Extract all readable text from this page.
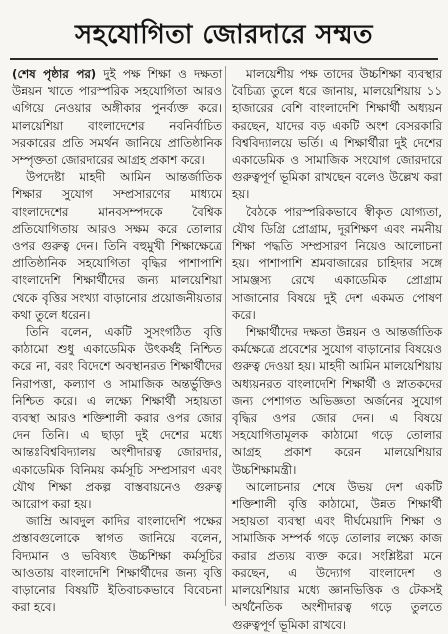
সহযোগিতা জোরদারে সম্মত

(শেষ পৃষ্ঠার পর) দুই পক্ষ শিক্ষা ও দক্ষতা উন্নয়ন খাতে পারস্পরিক সহযোগিতা আরও এগিয়ে নেওয়ার অঙ্গীকার পুনর্ব্যক্ত করে। মালয়েশিয়া বাংলাদেশের নবনির্বাচিত সরকারের প্রতি সমর্থন জানিয়ে প্রাতিষ্ঠানিক সম্পৃক্ততা জোরদারের আগ্রহ প্রকাশ করে।

উপদেষ্টা মাহদী আমিন আন্তর্জাতিক শিক্ষার সুযোগ সম্প্রসারণের মাধ্যমে বাংলাদেশের মানবসম্পদকে বৈশ্বিক প্রতিযোগিতায় আরও সক্ষম করে তোলার ওপর গুরুত্ব দেন। তিনি বহুমুখী শিক্ষাক্ষেত্রে প্রাতিষ্ঠানিক সহযোগিতা বৃদ্ধির পাশাপাশি বাংলাদেশি শিক্ষার্থীদের জন্য মালয়েশিয়া থেকে বৃত্তির সংখ্যা বাড়ানোর প্রয়োজনীয়তার কথা তুলে ধরেন।

তিনি বলেন, একটি সুসংগঠিত বৃত্তি কাঠামো শুধু একাডেমিক উৎকর্ষই নিশ্চিত করে না, বরং বিদেশে অবস্থানরত শিক্ষার্থীদের নিরাপত্তা, কল্যাণ ও সামাজিক অন্তর্ভুক্তিও নিশ্চিত করে। এ লক্ষ্যে শিক্ষার্থী সহায়তা ব্যবস্থা আরও শক্তিশালী করার ওপর জোর দেন তিনি। এ ছাড়া দুই দেশের মধ্যে আন্তঃবিশ্ববিদ্যালয় অংশীদারত্ব জোরদার, একাডেমিক বিনিময় কর্মসূচি সম্প্রসারণ এবং যৌথ শিক্ষা প্রকল্প বাস্তবায়নেও গুরুত্ব আরোপ করা হয়।

জাম্রি আবদুল কাদির বাংলাদেশি পক্ষের প্রস্তাবগুলোকে স্বাগত জানিয়ে বলেন, বিদ্যমান ও ভবিষ্যৎ উচ্চশিক্ষা কর্মসূচির আওতায় বাংলাদেশি শিক্ষার্থীদের জন্য বৃত্তি বাড়ানোর বিষয়টি ইতিবাচকভাবে বিবেচনা করা হবে।

মালয়েশীয় পক্ষ তাদের উচ্চশিক্ষা ব্যবস্থার বৈচিত্র্য তুলে ধরে জানায়, মালয়েশিয়ায় ১১ হাজারের বেশি বাংলাদেশি শিক্ষার্থী অধ্যয়ন করছেন, যাদের বড় একটি অংশ বেসরকারি বিশ্ববিদ্যালয়ে ভর্তি। এ শিক্ষার্থীরা দুই দেশের একাডেমিক ও সামাজিক সংযোগ জোরদারে গুরুত্বপূর্ণ ভূমিকা রাখছেন বলেও উল্লেখ করা হয়।

বৈঠকে পারস্পরিকভাবে স্বীকৃত যোগ্যতা, যৌথ ডিগ্রি প্রোগ্রাম, দূরশিক্ষণ এবং নমনীয় শিক্ষা পদ্ধতি সম্প্রসারণ নিয়েও আলোচনা হয়। পাশাপাশি শ্রমবাজারের চাহিদার সঙ্গে সামঞ্জস্য রেখে একাডেমিক প্রোগ্রাম সাজানোর বিষয়ে দুই দেশ একমত পোষণ করে।

শিক্ষার্থীদের দক্ষতা উন্নয়ন ও আন্তর্জাতিক কর্মক্ষেত্রে প্রবেশের সুযোগ বাড়ানোর বিষয়েও গুরুত্ব দেওয়া হয়। মাহদী আমিন মালয়েশিয়ায় অধ্যয়নরত বাংলাদেশি শিক্ষার্থী ও স্নাতকদের জন্য পেশাগত অভিজ্ঞতা অর্জনের সুযোগ বৃদ্ধির ওপর জোর দেন। এ বিষয়ে সহযোগিতামূলক কাঠামো গড়ে তোলার আগ্রহ প্রকাশ করেন মালয়েশিয়ার উচ্চশিক্ষামন্ত্রী।

আলোচনার শেষে উভয় দেশ একটি শক্তিশালী বৃত্তি কাঠামো, উন্নত শিক্ষার্থী সহায়তা ব্যবস্থা এবং দীর্ঘমেয়াদি শিক্ষা ও সামাজিক সম্পর্ক গড়ে তোলার লক্ষ্যে কাজ করার প্রত্যয় ব্যক্ত করে। সংশ্লিষ্টরা মনে করছেন, এ উদ্যোগ বাংলাদেশ ও মালয়েশিয়ার মধ্যে জ্ঞানভিত্তিক ও টেকসই অর্থনৈতিক অংশীদারত্ব গড়ে তুলতে গুরুত্বপূর্ণ ভূমিকা রাখবে।
